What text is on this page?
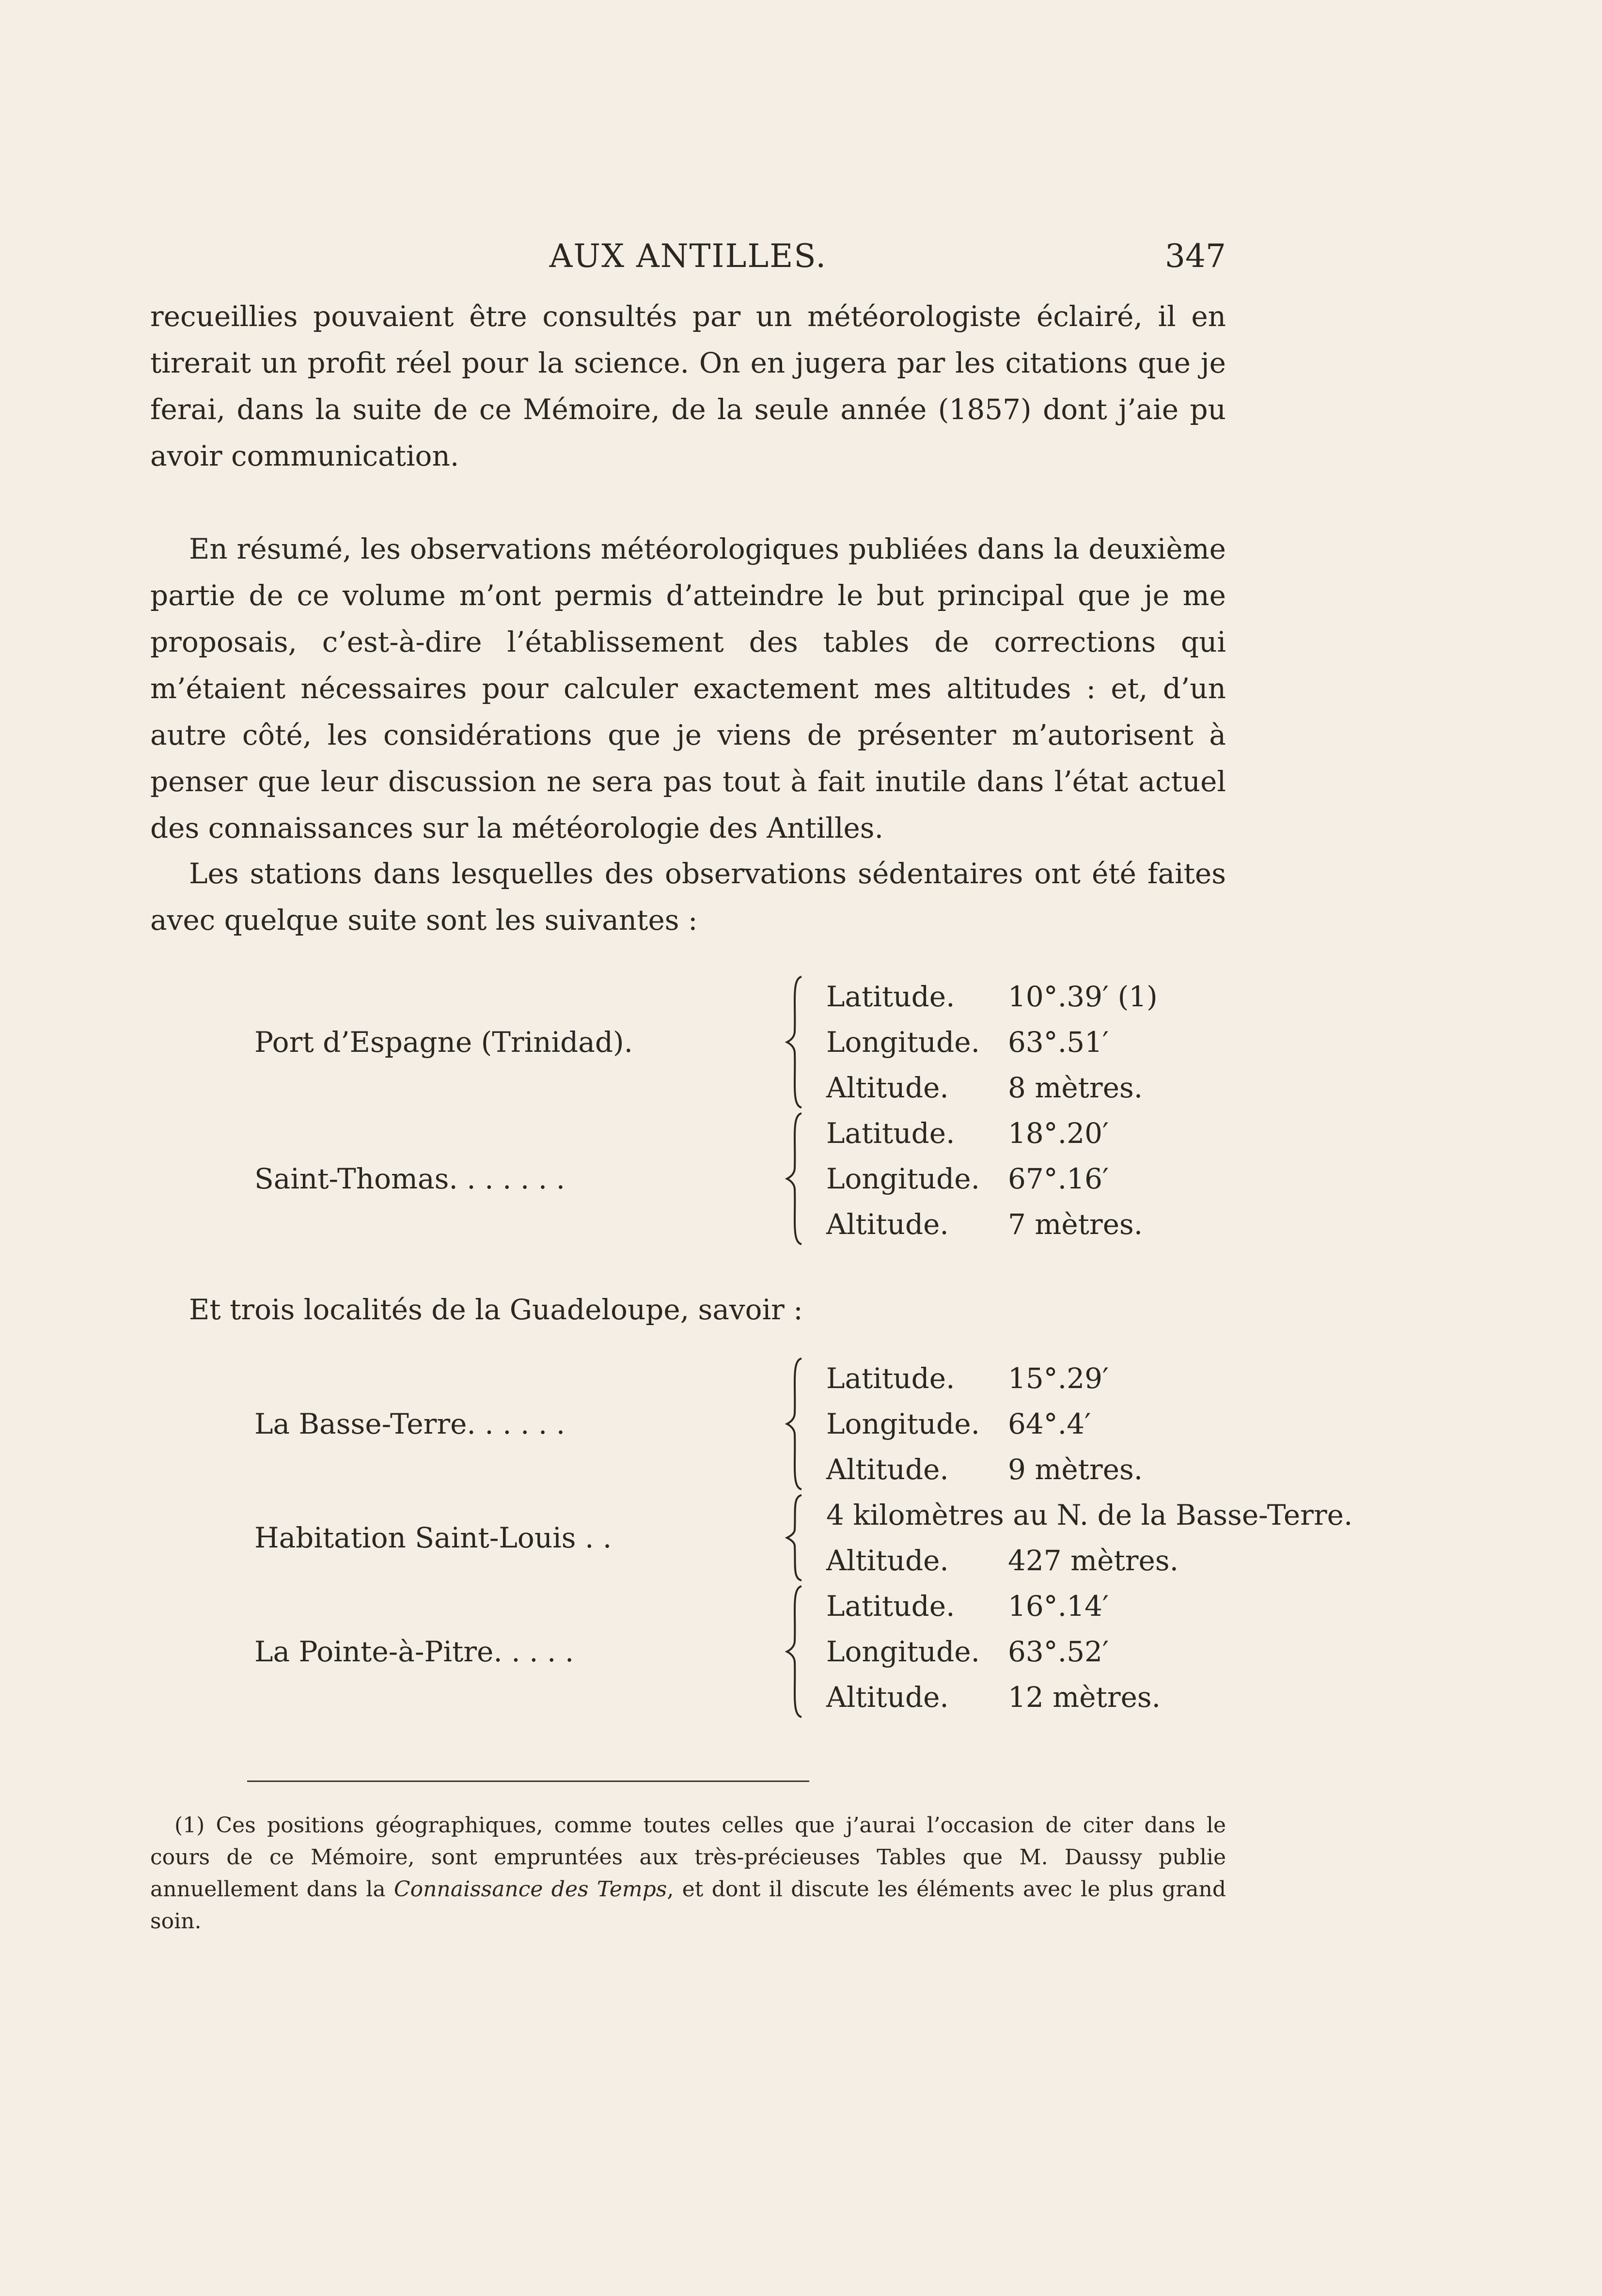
AUX ANTILLES.	347

recueillies pouvaient être consultés par un météorologiste éclairé, il en tirerait un profit réel pour la science. On en jugera par les citations que je ferai, dans la suite de ce Mémoire, de la seule année (1857) dont j’aie pu avoir communication.

En résumé, les observations météorologiques publiées dans la deuxième partie de ce volume m’ont permis d’atteindre le but principal que je me proposais, c’est-à-dire l’établissement des tables de corrections qui m’étaient nécessaires pour calculer exactement mes altitudes : et, d’un autre côté, les considérations que je viens de présenter m’autorisent à penser que leur discussion ne sera pas tout à fait inutile dans l’état actuel des connaissances sur la météorologie des Antilles.

Les stations dans lesquelles des observations sédentaires ont été faites avec quelque suite sont les suivantes :

Port d’Espagne (Trinidad).
Latitude. 10°.39′ (1)
Longitude. 63°.51′
Altitude. 8 mètres.
Saint-Thomas. . . . . . .
Latitude. 18°.20′
Longitude. 67°.16′
Altitude. 7 mètres.

Et trois localités de la Guadeloupe, savoir :

La Basse-Terre. . . . . .
Latitude. 15°.29′
Longitude. 64°.4′
Altitude. 9 mètres.
Habitation Saint-Louis . .
4 kilomètres au N. de la Basse-Terre.
Altitude. 427 mètres.
La Pointe-à-Pitre. . . . .
Latitude. 16°.14′
Longitude. 63°.52′
Altitude. 12 mètres.

(1) Ces positions géographiques, comme toutes celles que j’aurai l’occasion de citer dans le cours de ce Mémoire, sont empruntées aux très-précieuses Tables que M. Daussy publie annuellement dans la Connaissance des Temps, et dont il discute les éléments avec le plus grand soin.
